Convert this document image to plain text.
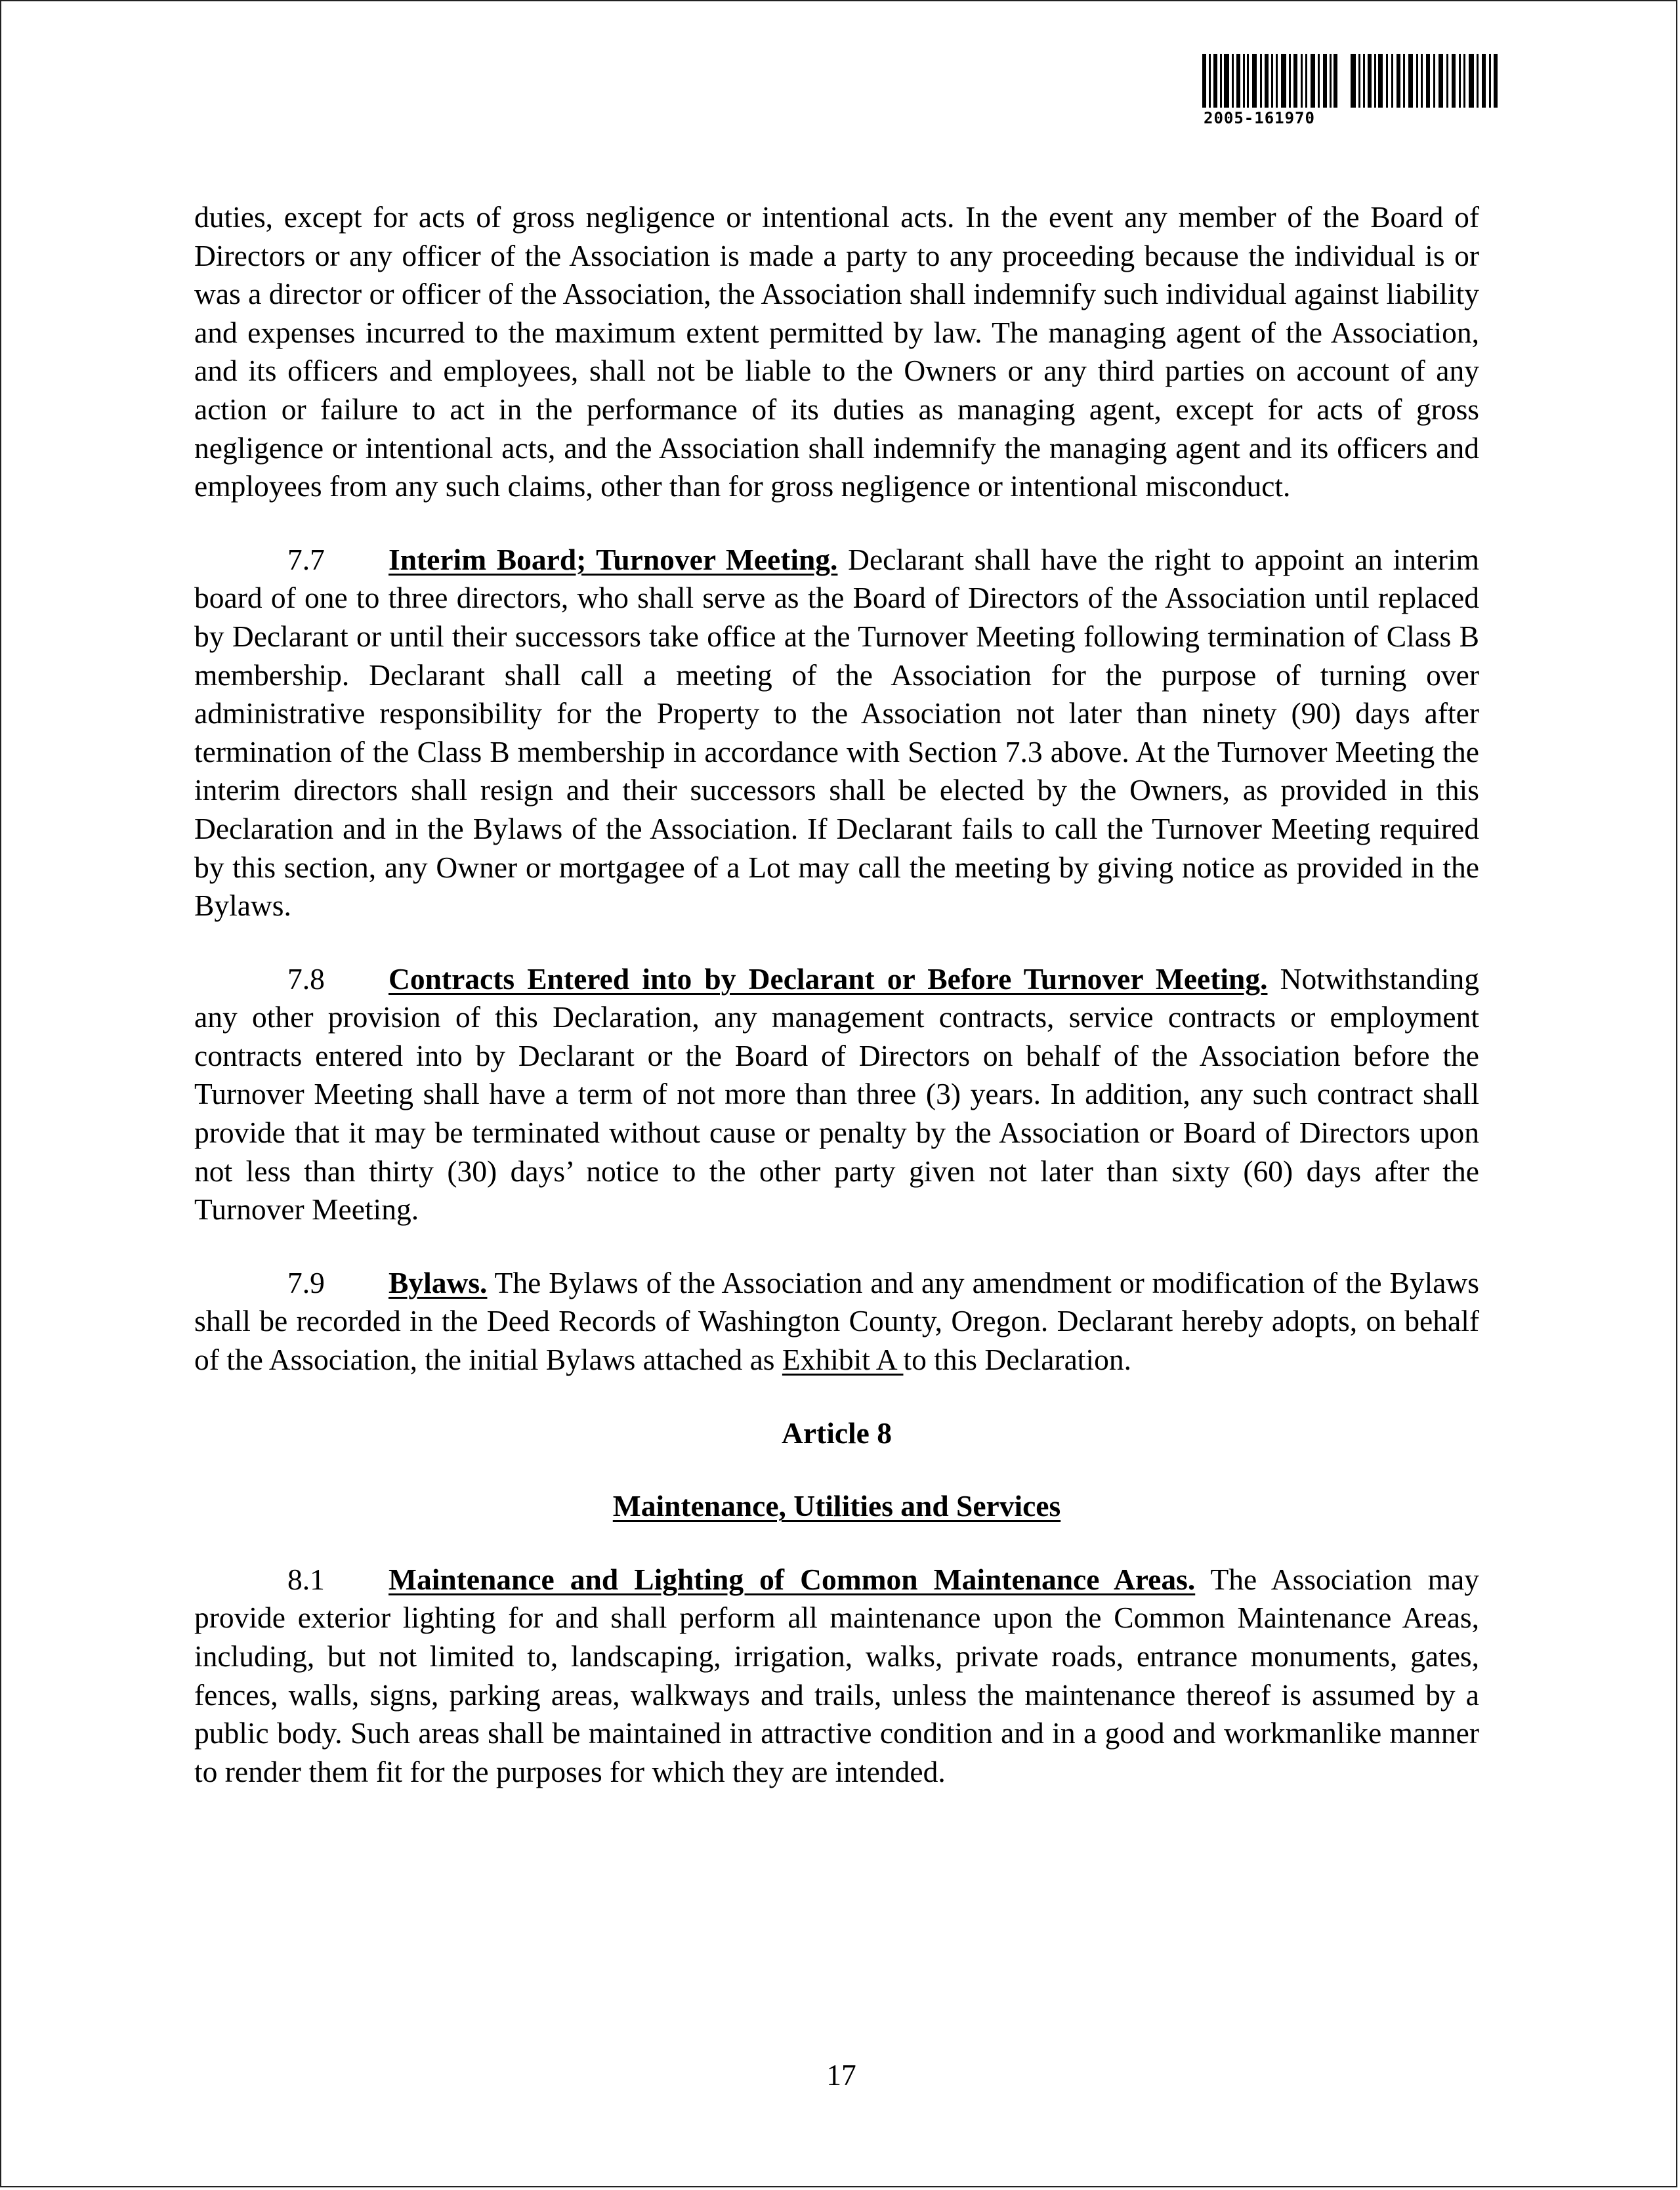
2005-161970

duties, except for acts of gross negligence or intentional acts. In the event any member of the Board of Directors or any officer of the Association is made a party to any proceeding because the individual is or was a director or officer of the Association, the Association shall indemnify such individual against liability and expenses incurred to the maximum extent permitted by law. The managing agent of the Association, and its officers and employees, shall not be liable to the Owners or any third parties on account of any action or failure to act in the performance of its duties as managing agent, except for acts of gross negligence or intentional acts, and the Association shall indemnify the managing agent and its officers and employees from any such claims, other than for gross negligence or intentional misconduct.

7.7 Interim Board; Turnover Meeting. Declarant shall have the right to appoint an interim board of one to three directors, who shall serve as the Board of Directors of the Association until replaced by Declarant or until their successors take office at the Turnover Meeting following termination of Class B membership. Declarant shall call a meeting of the Association for the purpose of turning over administrative responsibility for the Property to the Association not later than ninety (90) days after termination of the Class B membership in accordance with Section 7.3 above. At the Turnover Meeting the interim directors shall resign and their successors shall be elected by the Owners, as provided in this Declaration and in the Bylaws of the Association. If Declarant fails to call the Turnover Meeting required by this section, any Owner or mortgagee of a Lot may call the meeting by giving notice as provided in the Bylaws.

7.8 Contracts Entered into by Declarant or Before Turnover Meeting. Notwithstanding any other provision of this Declaration, any management contracts, service contracts or employment contracts entered into by Declarant or the Board of Directors on behalf of the Association before the Turnover Meeting shall have a term of not more than three (3) years. In addition, any such contract shall provide that it may be terminated without cause or penalty by the Association or Board of Directors upon not less than thirty (30) days’ notice to the other party given not later than sixty (60) days after the Turnover Meeting.

7.9 Bylaws. The Bylaws of the Association and any amendment or modification of the Bylaws shall be recorded in the Deed Records of Washington County, Oregon. Declarant hereby adopts, on behalf of the Association, the initial Bylaws attached as Exhibit A to this Declaration.

Article 8

Maintenance, Utilities and Services

8.1 Maintenance and Lighting of Common Maintenance Areas. The Association may provide exterior lighting for and shall perform all maintenance upon the Common Maintenance Areas, including, but not limited to, landscaping, irrigation, walks, private roads, entrance monuments, gates, fences, walls, signs, parking areas, walkways and trails, unless the maintenance thereof is assumed by a public body. Such areas shall be maintained in attractive condition and in a good and workmanlike manner to render them fit for the purposes for which they are intended.

17
